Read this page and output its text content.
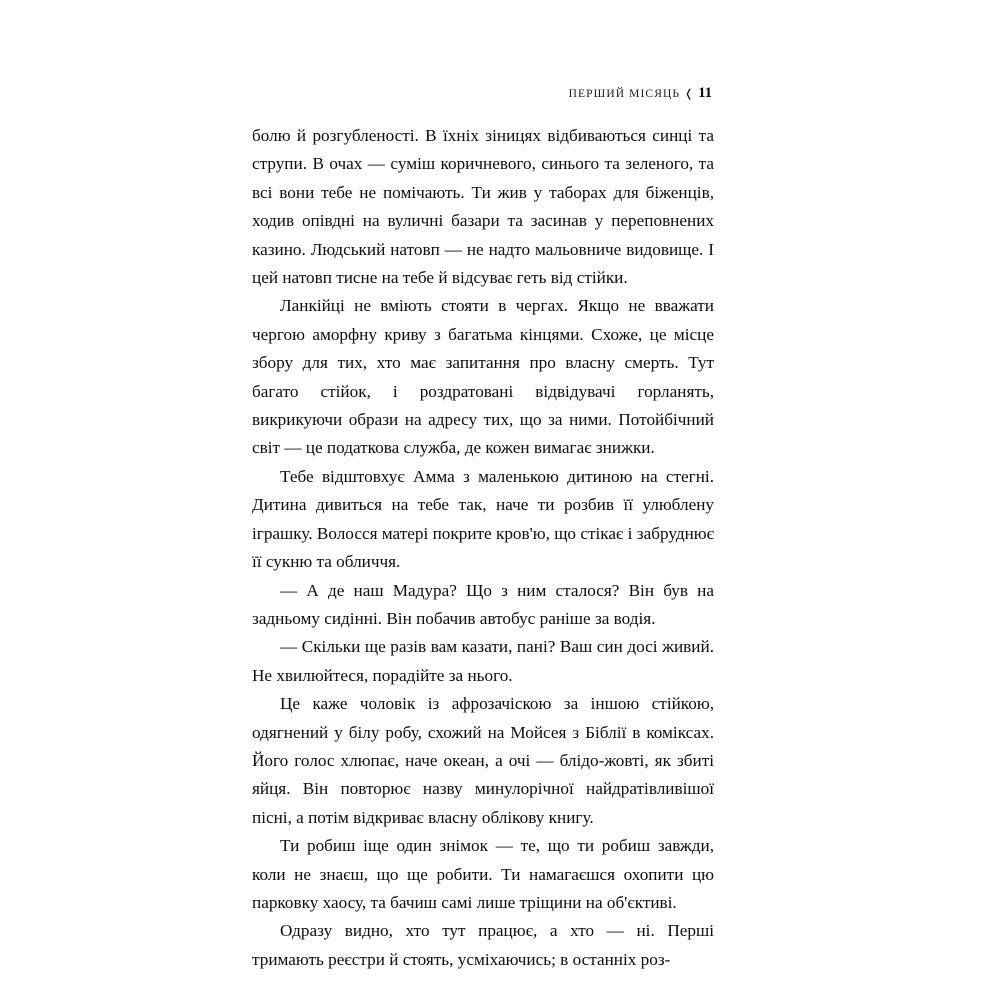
ПЕРШИЙ МІСЯЦЬ ❬ 11

болю й розгубленості. В їхніх зіницях відбиваються синці та струпи. В очах — суміш коричневого, синього та зеленого, та всі вони тебе не помічають. Ти жив у таборах для біженців, ходив опівдні на вуличні базари та засинав у переповнених казино. Людський натовп — не надто мальовниче видовище. І цей натовп тисне на тебе й відсуває геть від стійки.

Ланкійці не вміють стояти в чергах. Якщо не вважати чергою аморфну криву з багатьма кінцями. Схоже, це місце збору для тих, хто має запитання про власну смерть. Тут багато стійок, і роздратовані відвідувачі горланять, викрикуючи образи на адресу тих, що за ними. Потойбічний світ — це податкова служба, де кожен вимагає знижки.

Тебе відштовхує Амма з маленькою дитиною на стегні. Дитина дивиться на тебе так, наче ти розбив її улюблену іграшку. Волосся матері покрите кров'ю, що стікає і забруднює її сукню та обличчя.

— А де наш Мадура? Що з ним сталося? Він був на задньому сидінні. Він побачив автобус раніше за водія.

— Скільки ще разів вам казати, пані? Ваш син досі живий. Не хвилюйтеся, порадійте за нього.

Це каже чоловік із афрозачіскою за іншою стійкою, одягнений у білу робу, схожий на Мойсея з Біблії в коміксах. Його голос хлюпає, наче океан, а очі — блідо-жовті, як збиті яйця. Він повторює назву минулорічної найдратівливішої пісні, а потім відкриває власну облікову книгу.

Ти робиш іще один знімок — те, що ти робиш завжди, коли не знаєш, що ще робити. Ти намагаєшся охопити цю парковку хаосу, та бачиш самі лише тріщини на об'єктиві.

Одразу видно, хто тут працює, а хто — ні. Перші тримають реєстри й стоять, усміхаючись; в останніх роз-
